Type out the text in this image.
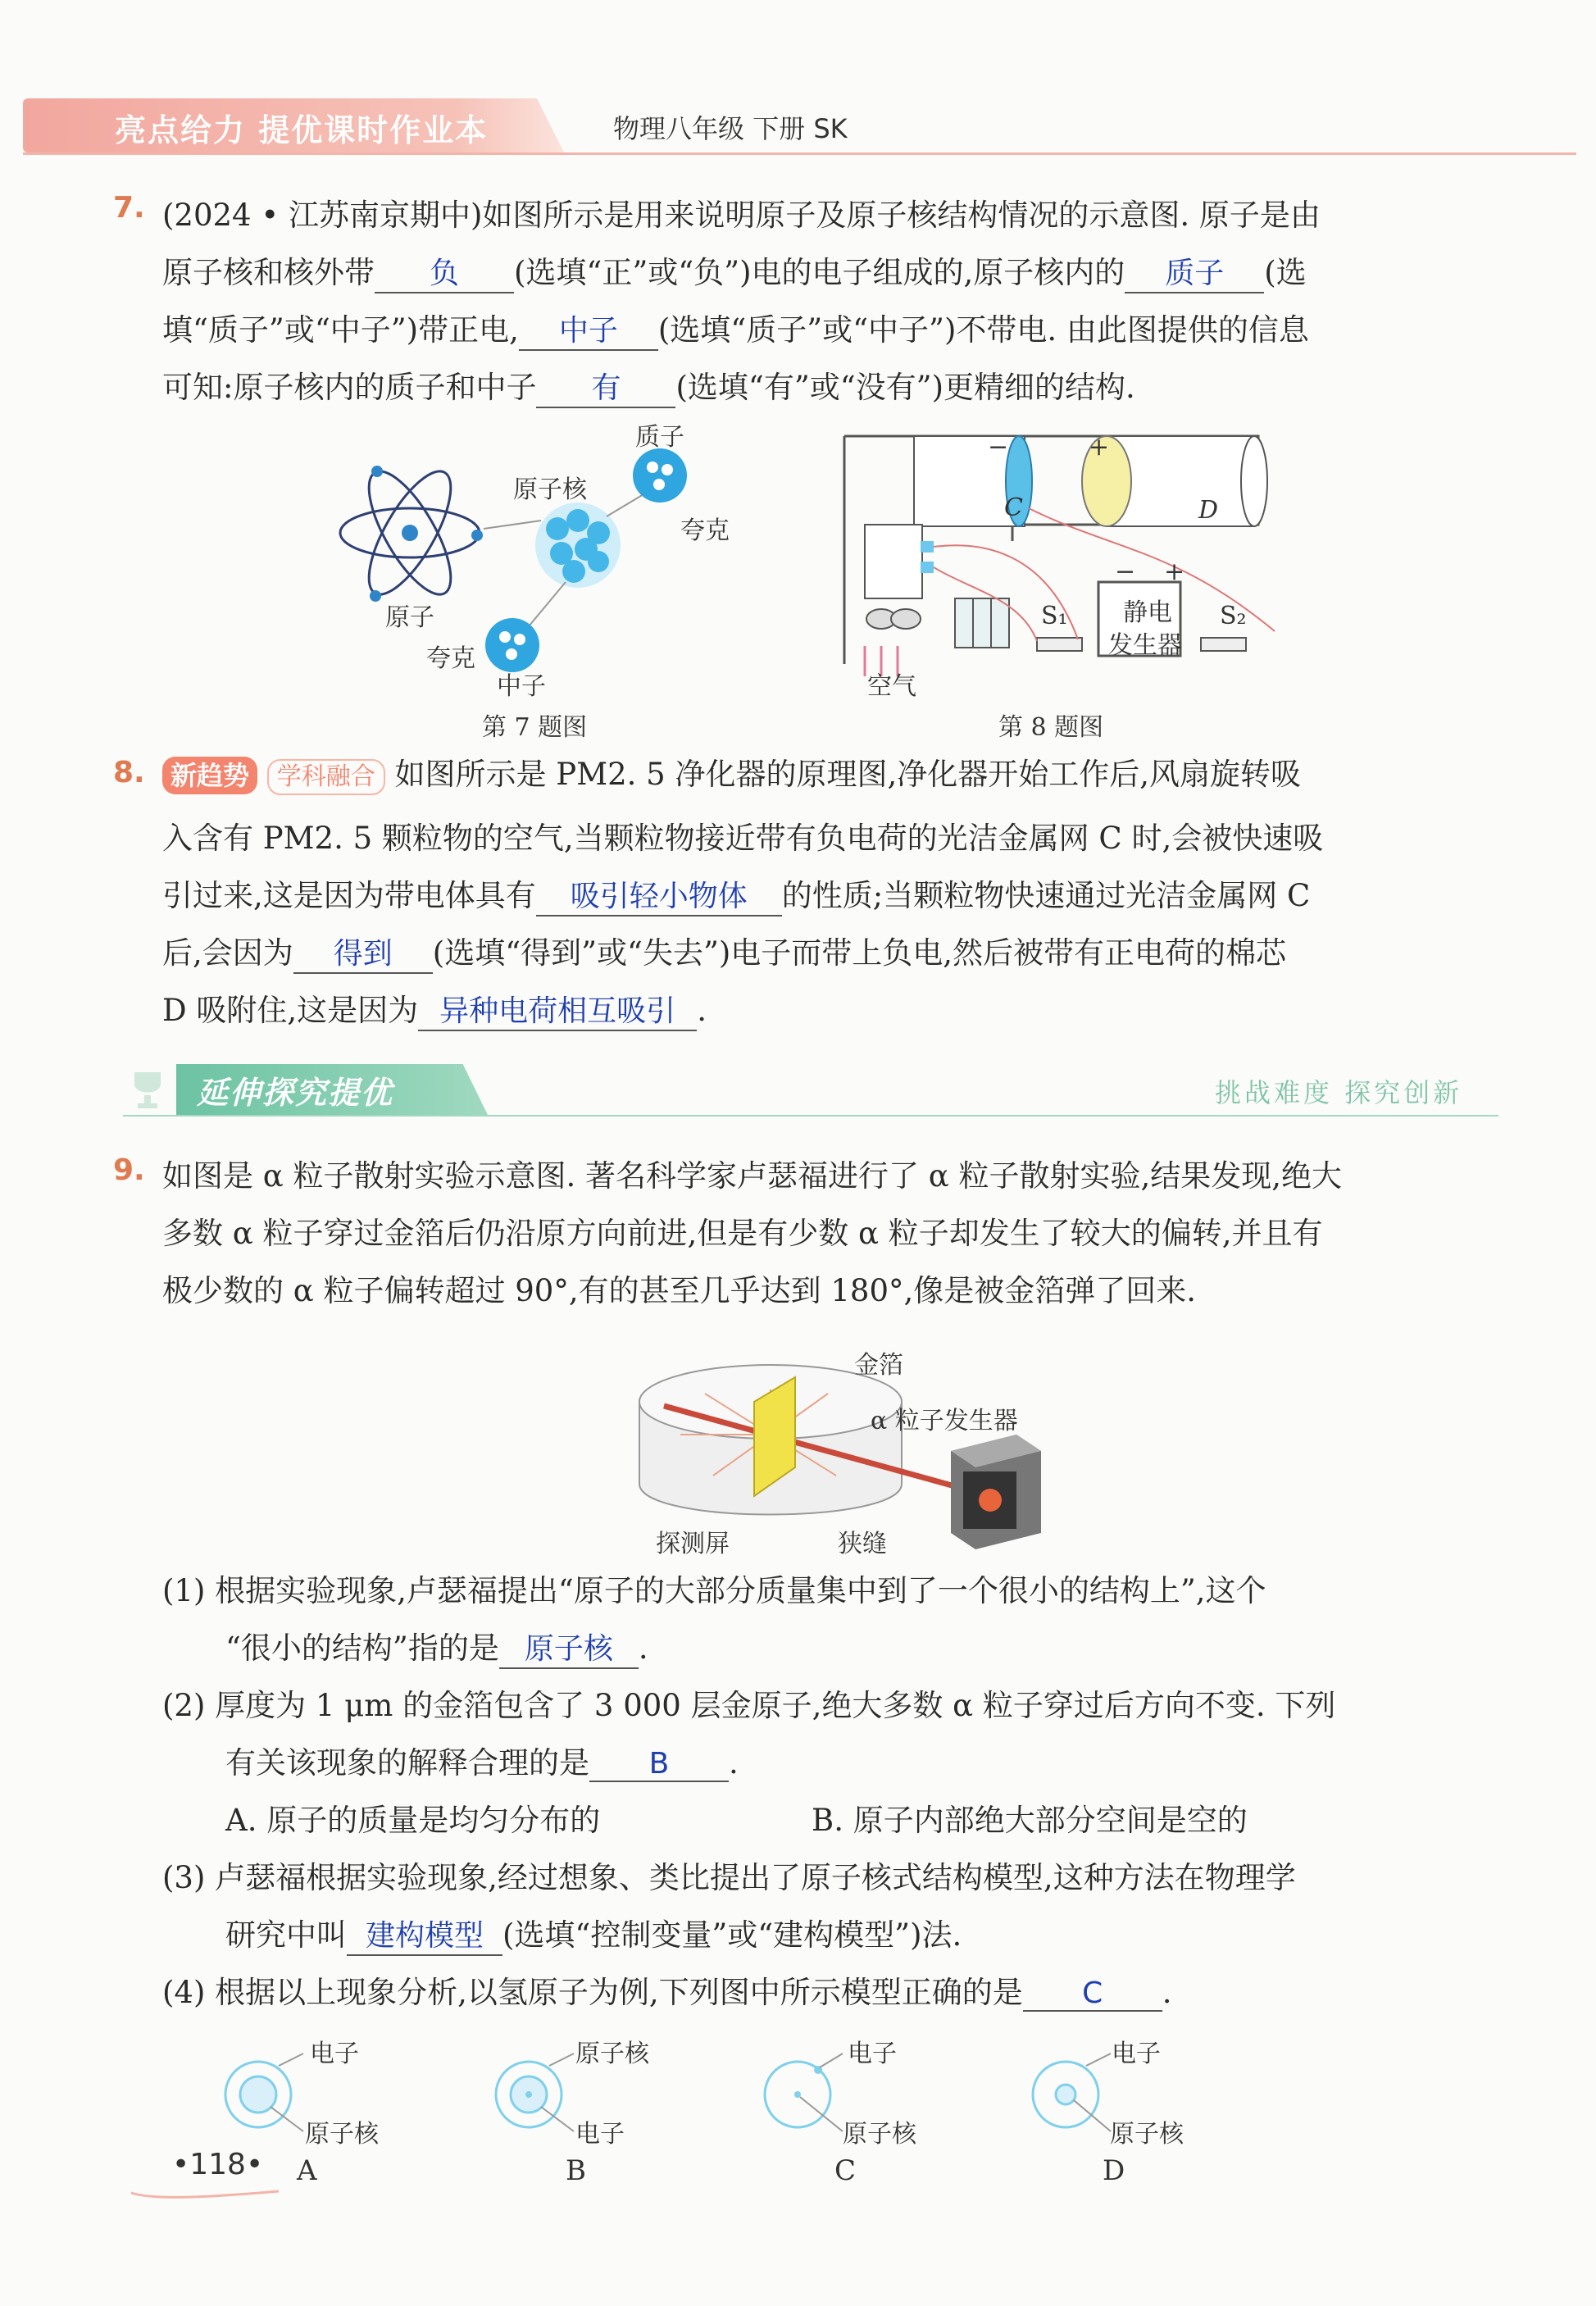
亮点给力 提优课时作业本	物理八年级 下册 SK
7. (2024 • 江苏南京期中)如图所示是用来说明原子及原子核结构情况的示意图. 原子是由
原子核和核外带 负 (选填“正”或“负”)电的电子组成的,原子核内的 质子 (选
填“质子”或“中子”)带正电, 中子 (选填“质子”或“中子”)不带电. 由此图提供的信息
可知:原子核内的质子和中子 有 (选填“有”或“没有”)更精细的结构.
质子
原子核
夸克
原子
夸克
中子
第 7 题图
C	D
−	+
− +
S₁	S₂
静电
发生器
空气
第 8 题图
8. 新趋势 学科融合 如图所示是 PM2. 5 净化器的原理图,净化器开始工作后,风扇旋转吸
入含有 PM2. 5 颗粒物的空气,当颗粒物接近带有负电荷的光洁金属网 C 时,会被快速吸
引过来,这是因为带电体具有 吸引轻小物体 的性质;当颗粒物快速通过光洁金属网 C
后,会因为 得到 (选填“得到”或“失去”)电子而带上负电,然后被带有正电荷的棉芯
D 吸附住,这是因为 异种电荷相互吸引 .
延伸探究提优	挑战难度 探究创新
9. 如图是 α 粒子散射实验示意图. 著名科学家卢瑟福进行了 α 粒子散射实验,结果发现,绝大
多数 α 粒子穿过金箔后仍沿原方向前进,但是有少数 α 粒子却发生了较大的偏转,并且有
极少数的 α 粒子偏转超过 90°,有的甚至几乎达到 180°,像是被金箔弹了回来.
金箔
α 粒子发生器
探测屏	狭缝
(1) 根据实验现象,卢瑟福提出“原子的大部分质量集中到了一个很小的结构上”,这个
“很小的结构”指的是 原子核 .
(2) 厚度为 1 μm 的金箔包含了 3 000 层金原子,绝大多数 α 粒子穿过后方向不变. 下列
有关该现象的解释合理的是 B .
A. 原子的质量是均匀分布的	B. 原子内部绝大部分空间是空的
(3) 卢瑟福根据实验现象,经过想象、类比提出了原子核式结构模型,这种方法在物理学
研究中叫 建构模型 (选填“控制变量”或“建构模型”)法.
(4) 根据以上现象分析,以氢原子为例,下列图中所示模型正确的是 C .
电子
原子核
A
原子核
电子
B
电子
原子核
C
电子
原子核
D
•118•
